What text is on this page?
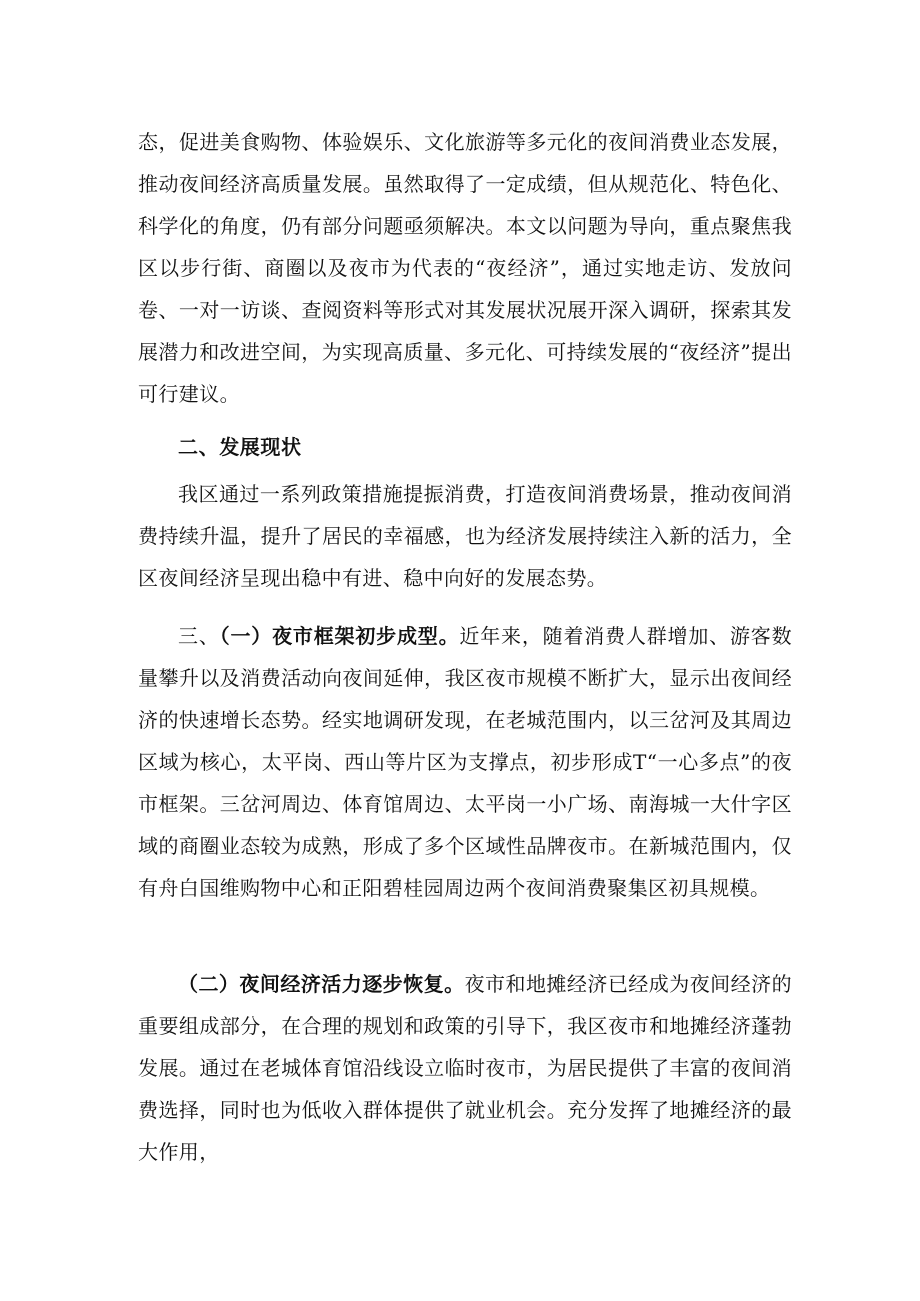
态，促进美食购物、体验娱乐、文化旅游等多元化的夜间消费业态发展，推动夜间经济高质量发展。虽然取得了一定成绩，但从规范化、特色化、科学化的角度，仍有部分问题亟须解决。本文以问题为导向，重点聚焦我区以步行街、商圈以及夜市为代表的“夜经济”，通过实地走访、发放问卷、一对一访谈、查阅资料等形式对其发展状况展开深入调研，探索其发展潜力和改进空间，为实现高质量、多元化、可持续发展的“夜经济”提出可行建议。

二、发展现状

我区通过一系列政策措施提振消费，打造夜间消费场景，推动夜间消费持续升温，提升了居民的幸福感，也为经济发展持续注入新的活力，全区夜间经济呈现出稳中有进、稳中向好的发展态势。

三、（一）夜市框架初步成型。近年来，随着消费人群增加、游客数量攀升以及消费活动向夜间延伸，我区夜市规模不断扩大，显示出夜间经济的快速增长态势。经实地调研发现，在老城范围内，以三岔河及其周边区域为核心，太平岗、西山等片区为支撑点，初步形成T“一心多点”的夜市框架。三岔河周边、体育馆周边、太平岗一小广场、南海城一大什字区域的商圈业态较为成熟，形成了多个区域性品牌夜市。在新城范围内，仅有舟白国维购物中心和正阳碧桂园周边两个夜间消费聚集区初具规模。

（二）夜间经济活力逐步恢复。夜市和地摊经济已经成为夜间经济的重要组成部分，在合理的规划和政策的引导下，我区夜市和地摊经济蓬勃发展。通过在老城体育馆沿线设立临时夜市，为居民提供了丰富的夜间消费选择，同时也为低收入群体提供了就业机会。充分发挥了地摊经济的最大作用，
